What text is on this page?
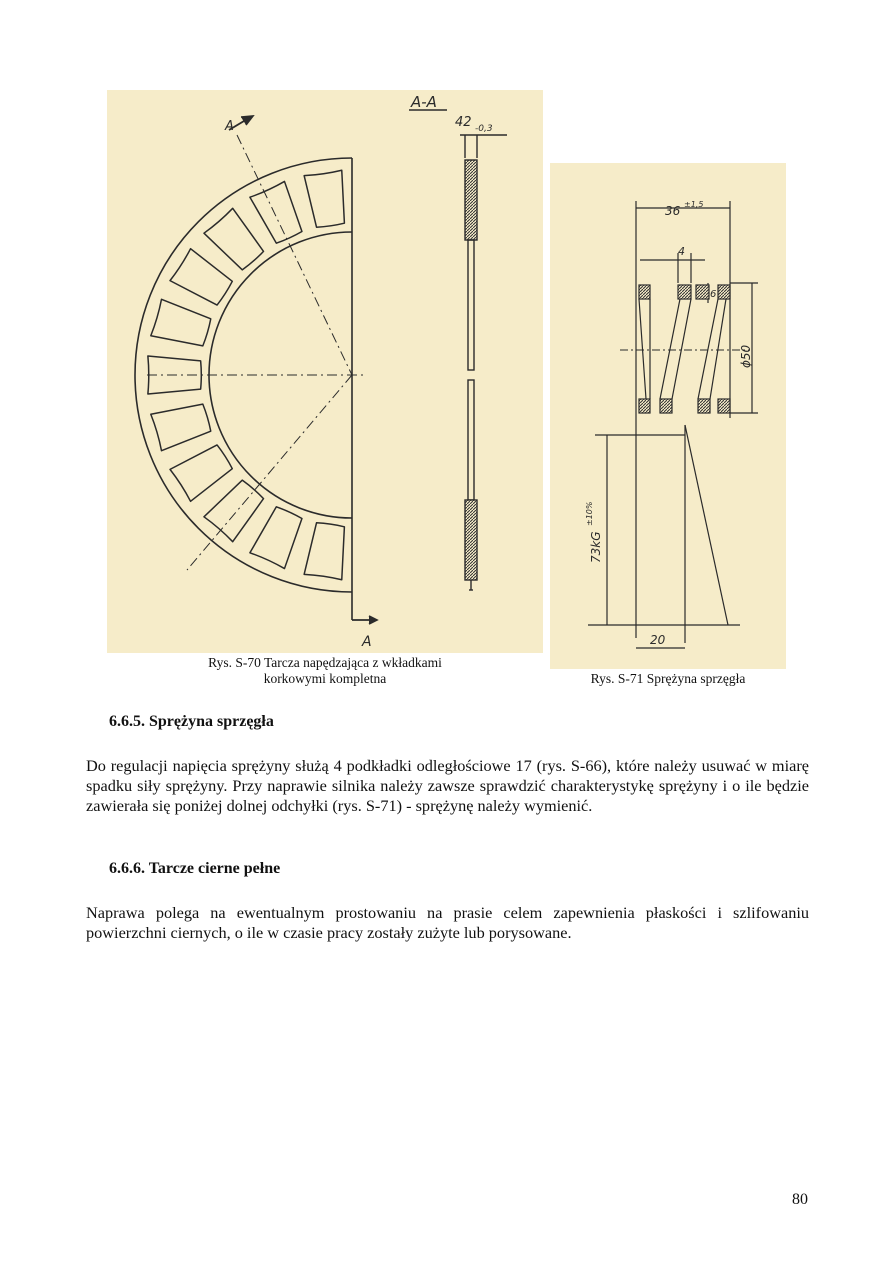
A-A
42 -0,3
A
A
Rys. S-70 Tarcza napędzająca z wkładkami
korkowymi kompletna
36 ±1,5
4
6
ϕ50
73kG
±10%
20
Rys. S-71 Sprężyna sprzęgła
6.6.5. Sprężyna sprzęgła

Do regulacji napięcia sprężyny służą 4 podkładki odległościowe 17 (rys. S-66), które należy usuwać w miarę spadku siły sprężyny. Przy naprawie silnika należy zawsze sprawdzić charakterystykę sprężyny i o ile będzie zawierała się poniżej dolnej odchyłki (rys. S-71) - sprężynę należy wymienić.

6.6.6. Tarcze cierne pełne

Naprawa polega na ewentualnym prostowaniu na prasie celem zapewnienia płaskości i szlifowaniu powierzchni ciernych, o ile w czasie pracy zostały zużyte lub porysowane.

80
